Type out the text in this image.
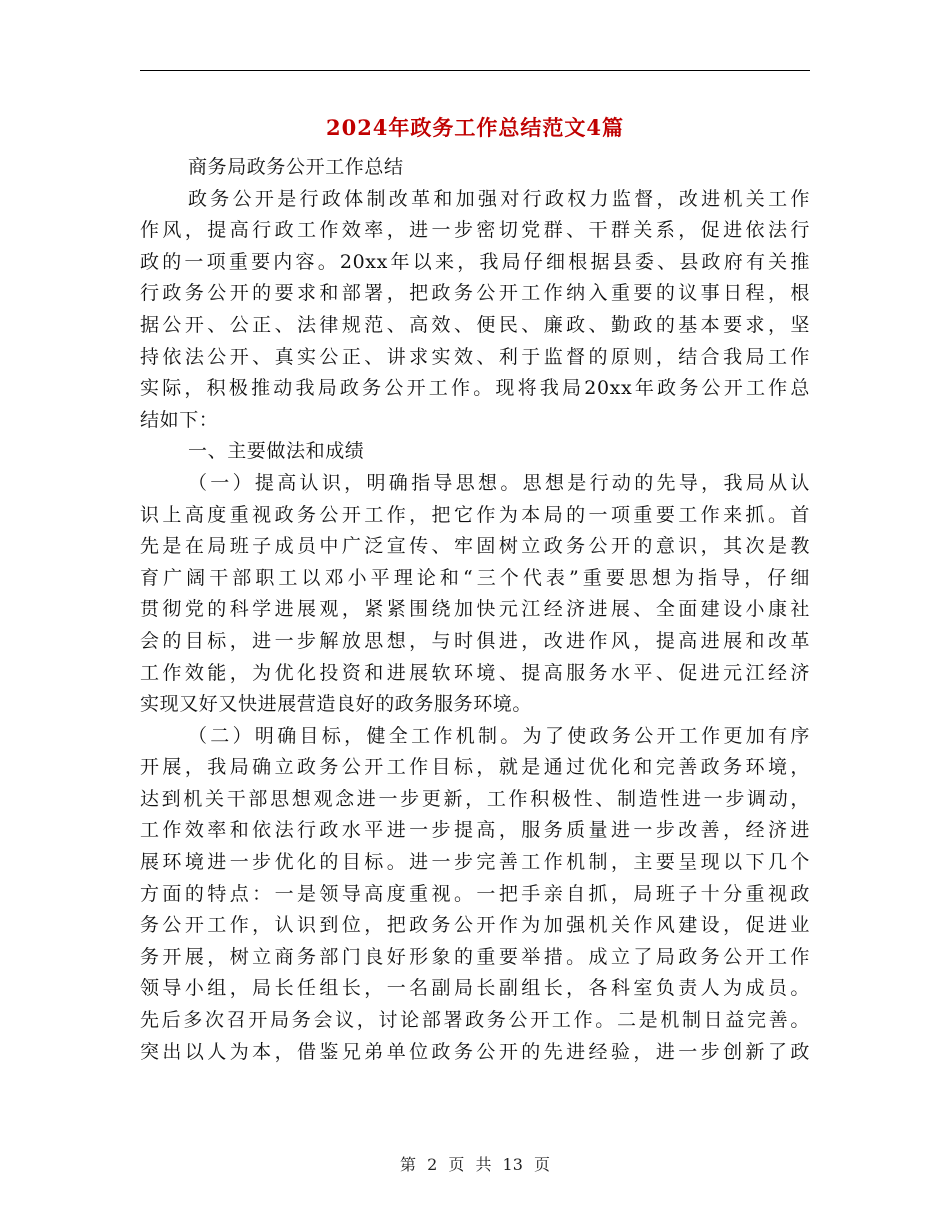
2024年政务工作总结范文4篇
商务局政务公开工作总结
政务公开是行政体制改革和加强对行政权力监督，改进机关工作
作风，提高行政工作效率，进一步密切党群、干群关系，促进依法行
政的一项重要内容。20xx年以来，我局仔细根据县委、县政府有关推
行政务公开的要求和部署，把政务公开工作纳入重要的议事日程，根
据公开、公正、法律规范、高效、便民、廉政、勤政的基本要求，坚
持依法公开、真实公正、讲求实效、利于监督的原则，结合我局工作
实际，积极推动我局政务公开工作。现将我局20xx年政务公开工作总
结如下：
一、主要做法和成绩
（一）提高认识，明确指导思想。思想是行动的先导，我局从认
识上高度重视政务公开工作，把它作为本局的一项重要工作来抓。首
先是在局班子成员中广泛宣传、牢固树立政务公开的意识，其次是教
育广阔干部职工以邓小平理论和“三个代表”重要思想为指导，仔细
贯彻党的科学进展观，紧紧围绕加快元江经济进展、全面建设小康社
会的目标，进一步解放思想，与时俱进，改进作风，提高进展和改革
工作效能，为优化投资和进展软环境、提高服务水平、促进元江经济
实现又好又快进展营造良好的政务服务环境。
（二）明确目标，健全工作机制。为了使政务公开工作更加有序
开展，我局确立政务公开工作目标，就是通过优化和完善政务环境，
达到机关干部思想观念进一步更新，工作积极性、制造性进一步调动，
工作效率和依法行政水平进一步提高，服务质量进一步改善，经济进
展环境进一步优化的目标。进一步完善工作机制，主要呈现以下几个
方面的特点：一是领导高度重视。一把手亲自抓，局班子十分重视政
务公开工作，认识到位，把政务公开作为加强机关作风建设，促进业
务开展，树立商务部门良好形象的重要举措。成立了局政务公开工作
领导小组，局长任组长，一名副局长副组长，各科室负责人为成员。
先后多次召开局务会议，讨论部署政务公开工作。二是机制日益完善。
突出以人为本，借鉴兄弟单位政务公开的先进经验，进一步创新了政
第 2 页 共 13 页
